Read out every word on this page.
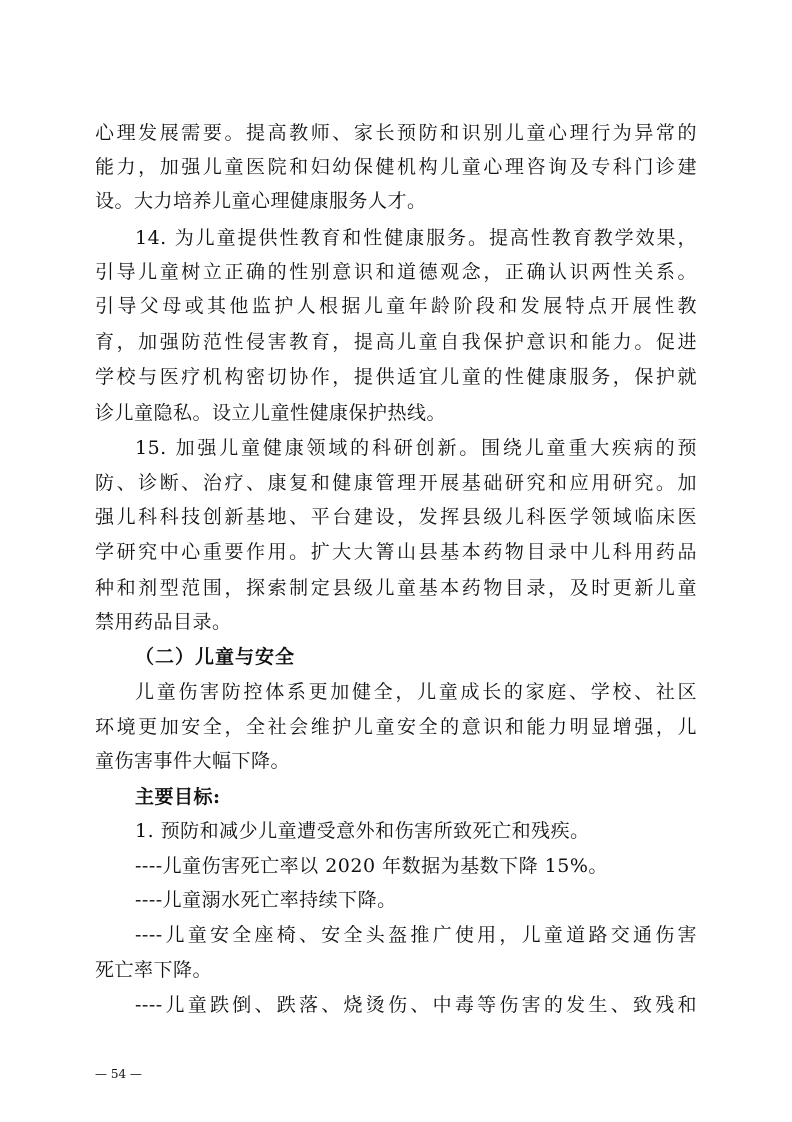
心理发展需要。提高教师、家长预防和识别儿童心理行为异常的
能力，加强儿童医院和妇幼保健机构儿童心理咨询及专科门诊建
设。大力培养儿童心理健康服务人才。
14. 为儿童提供性教育和性健康服务。提高性教育教学效果，
引导儿童树立正确的性别意识和道德观念，正确认识两性关系。
引导父母或其他监护人根据儿童年龄阶段和发展特点开展性教
育，加强防范性侵害教育，提高儿童自我保护意识和能力。促进
学校与医疗机构密切协作，提供适宜儿童的性健康服务，保护就
诊儿童隐私。设立儿童性健康保护热线。
15. 加强儿童健康领域的科研创新。围绕儿童重大疾病的预
防、诊断、治疗、康复和健康管理开展基础研究和应用研究。加
强儿科科技创新基地、平台建设，发挥县级儿科医学领域临床医
学研究中心重要作用。扩大大箐山县基本药物目录中儿科用药品
种和剂型范围，探索制定县级儿童基本药物目录，及时更新儿童
禁用药品目录。
（二）儿童与安全
儿童伤害防控体系更加健全，儿童成长的家庭、学校、社区
环境更加安全，全社会维护儿童安全的意识和能力明显增强，儿
童伤害事件大幅下降。
主要目标:
1. 预防和减少儿童遭受意外和伤害所致死亡和残疾。
----儿童伤害死亡率以 2020 年数据为基数下降 15%。
----儿童溺水死亡率持续下降。
----儿童安全座椅、安全头盔推广使用，儿童道路交通伤害
死亡率下降。
----儿童跌倒、跌落、烧烫伤、中毒等伤害的发生、致残和
— 54 —
